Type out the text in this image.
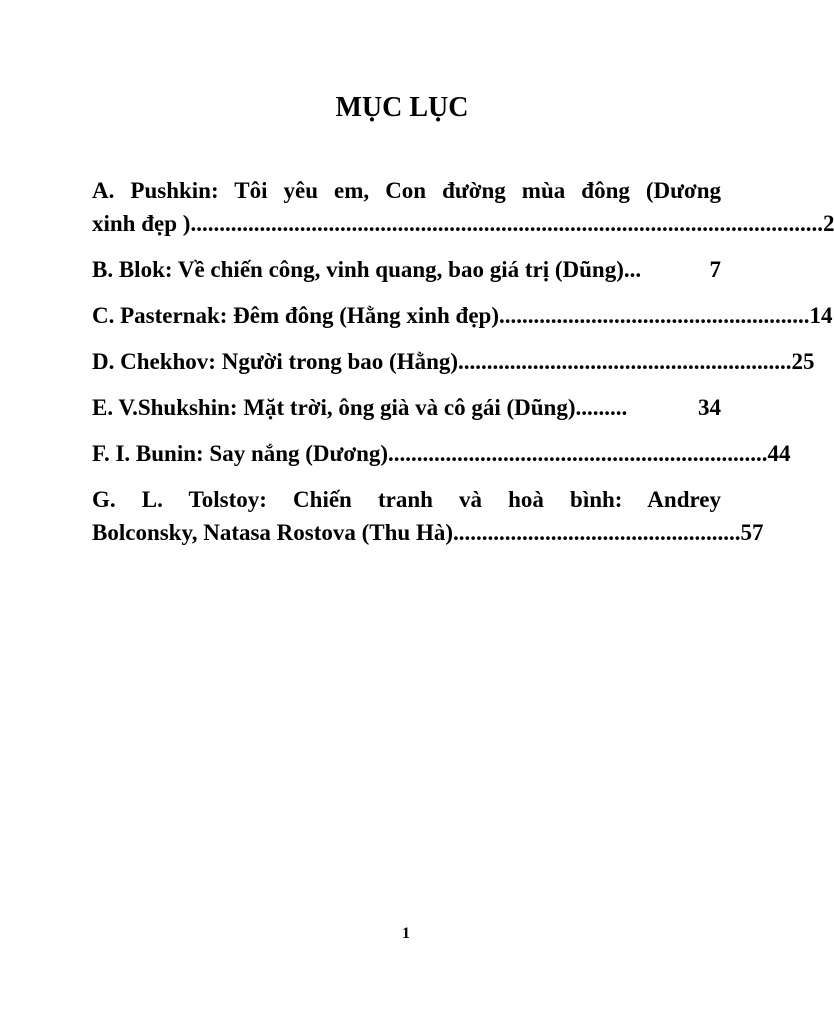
MỤC LỤC
A. Pushkin: Tôi yêu em, Con đường mùa đông (Dương
xinh đẹp ) .............................................................................................................. 2
B. Blok: Về chiến công, vinh quang, bao giá trị (Dũng) ...	7
C. Pasternak: Đêm đông (Hằng xinh đẹp) ...................................................... 14
D. Chekhov: Người trong bao (Hằng) .......................................................... 25
E. V.Shukshin: Mặt trời, ông già và cô gái (Dũng) .........	34
F. I. Bunin: Say nắng (Dương) .................................................................. 44
G. L. Tolstoy: Chiến tranh và hoà bình: Andrey
Bolconsky, Natasa Rostova (Thu Hà) .................................................. 57

1
